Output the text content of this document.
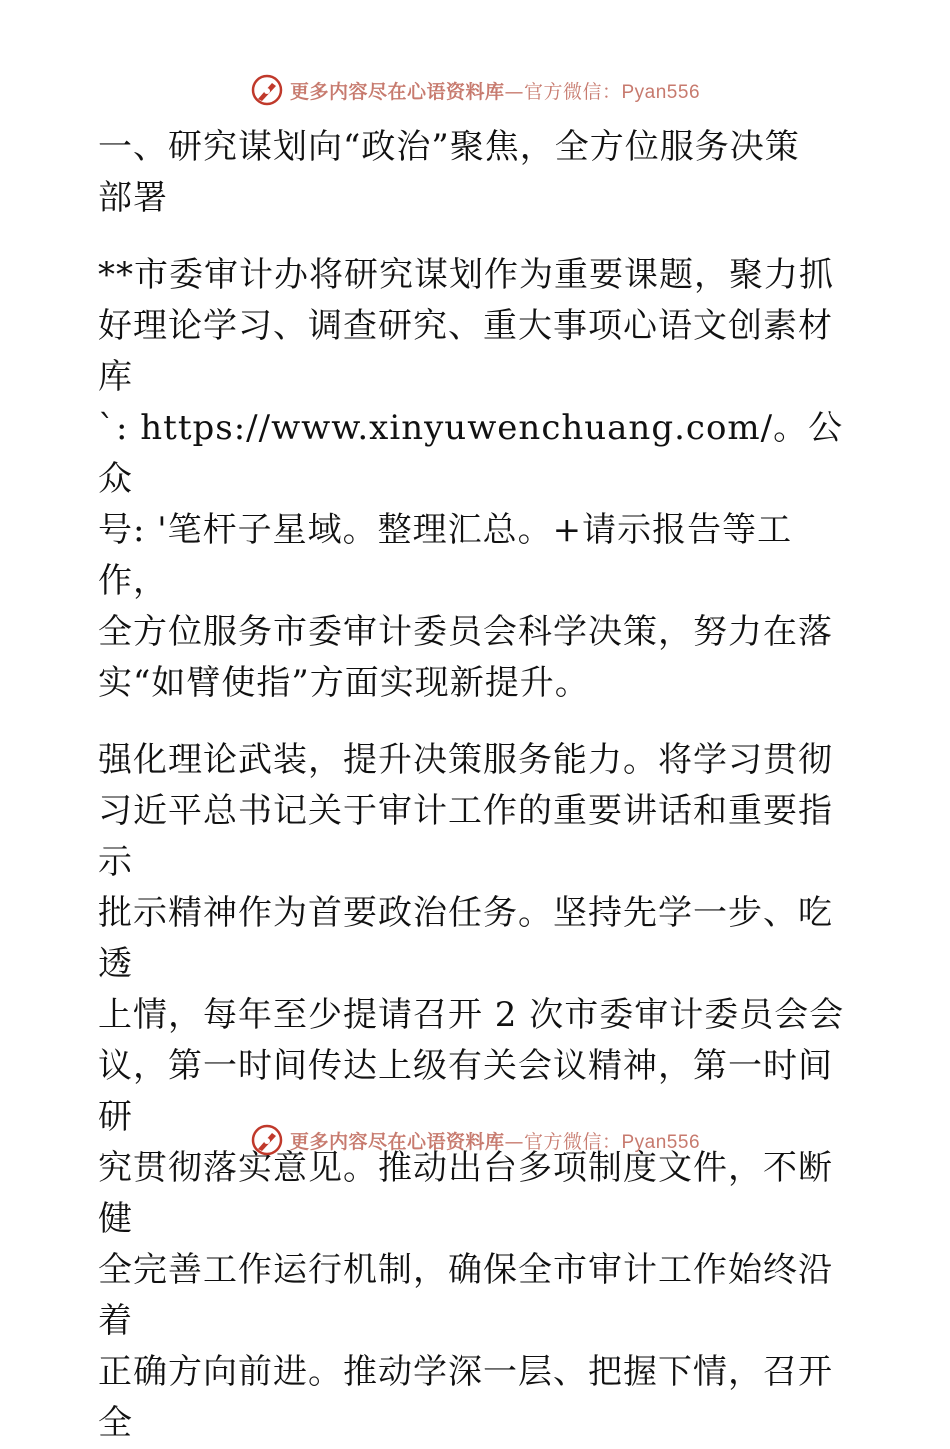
更多内容尽在心语资料库—官方微信：Pyan556
一、研究谋划向“政治”聚焦，全方位服务决策
部署

**市委审计办将研究谋划作为重要课题，聚力抓
好理论学习、调查研究、重大事项心语文创素材库
`: https://www.xinyuwenchuang.com/。公众
号: '笔杆子星域。整理汇总。+请示报告等工作，
全方位服务市委审计委员会科学决策，努力在落
实“如臂使指”方面实现新提升。

强化理论武装，提升决策服务能力。将学习贯彻
习近平总书记关于审计工作的重要讲话和重要指示
批示精神作为首要政治任务。坚持先学一步、吃透
上情，每年至少提请召开 2 次市委审计委员会会
议，第一时间传达上级有关会议精神，第一时间研
究贯彻落实意见。推动出台多项制度文件，不断健
全完善工作运行机制，确保全市审计工作始终沿着
正确方向前进。推动学深一层、把握下情，召开全

更多内容尽在心语资料库—官方微信：Pyan556
